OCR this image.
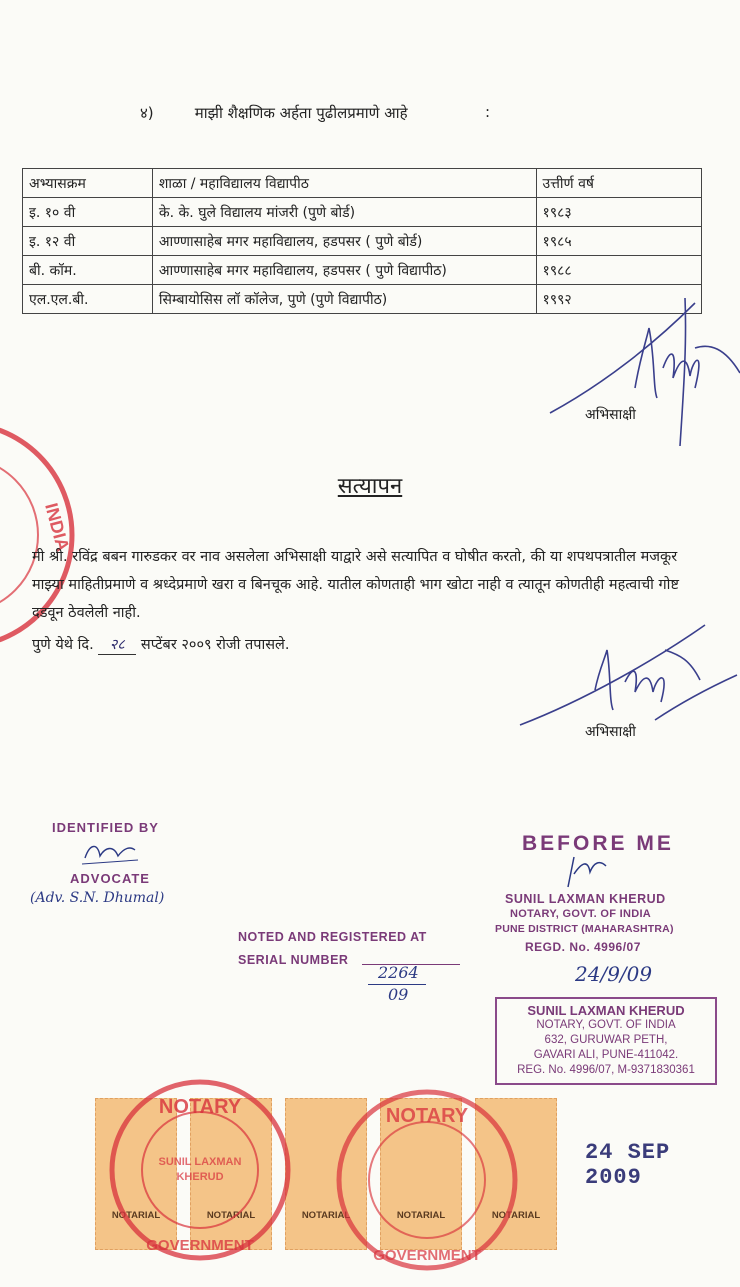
४)	माझी शैक्षणिक अर्हता पुढीलप्रमाणे आहे	:
अभ्यासक्रम	शाळा / महाविद्यालय विद्यापीठ	उत्तीर्ण वर्ष
इ. १० वी	के. के. घुले विद्यालय मांजरी (पुणे बोर्ड)	१९८३
इ. १२ वी	आण्णासाहेब मगर महाविद्यालय, हडपसर ( पुणे बोर्ड)	१९८५
बी. कॉम.	आण्णासाहेब मगर महाविद्यालय, हडपसर ( पुणे विद्यापीठ)	१९८८
एल.एल.बी.	सिम्बायोसिस लॉ कॉलेज, पुणे (पुणे विद्यापीठ)	१९९२
अभिसाक्षी
INDIA
सत्यापन
मी श्री. रविंद्र बबन गारुडकर वर नाव असलेला अभिसाक्षी याद्वारे असे सत्यापित व घोषीत करतो, की या शपथपत्रातील मजकूर माझ्या माहितीप्रमाणे व श्रध्देप्रमाणे खरा व बिनचूक आहे. यातील कोणताही भाग खोटा नाही व त्यातून कोणतीही महत्वाची गोष्ट दडवून ठेवलेली नाही.
पुणे येथे दि. २८ सप्टेंबर २००९ रोजी तपासले.
अभिसाक्षी
IDENTIFIED BY
ADVOCATE
(Adv. S.N. Dhumal)
NOTED AND REGISTERED AT
SERIAL NUMBER
2264
09
BEFORE ME
SUNIL LAXMAN KHERUD
NOTARY, GOVT. OF INDIA
PUNE DISTRICT (MAHARASHTRA)
REGD. No. 4996/07
24/9/09
SUNIL LAXMAN KHERUD
NOTARY, GOVT. OF INDIA
632, GURUWAR PETH,
GAVARI ALI, PUNE-411042.
REG. No. 4996/07, M-9371830361
NOTARIAL	NOTARIAL	NOTARIAL	NOTARIAL	NOTARIAL
NOTARY
SUNIL LAXMAN
KHERUD
GOVERNMENT
NOTARY
GOVERNMENT
24 SEP 2009
